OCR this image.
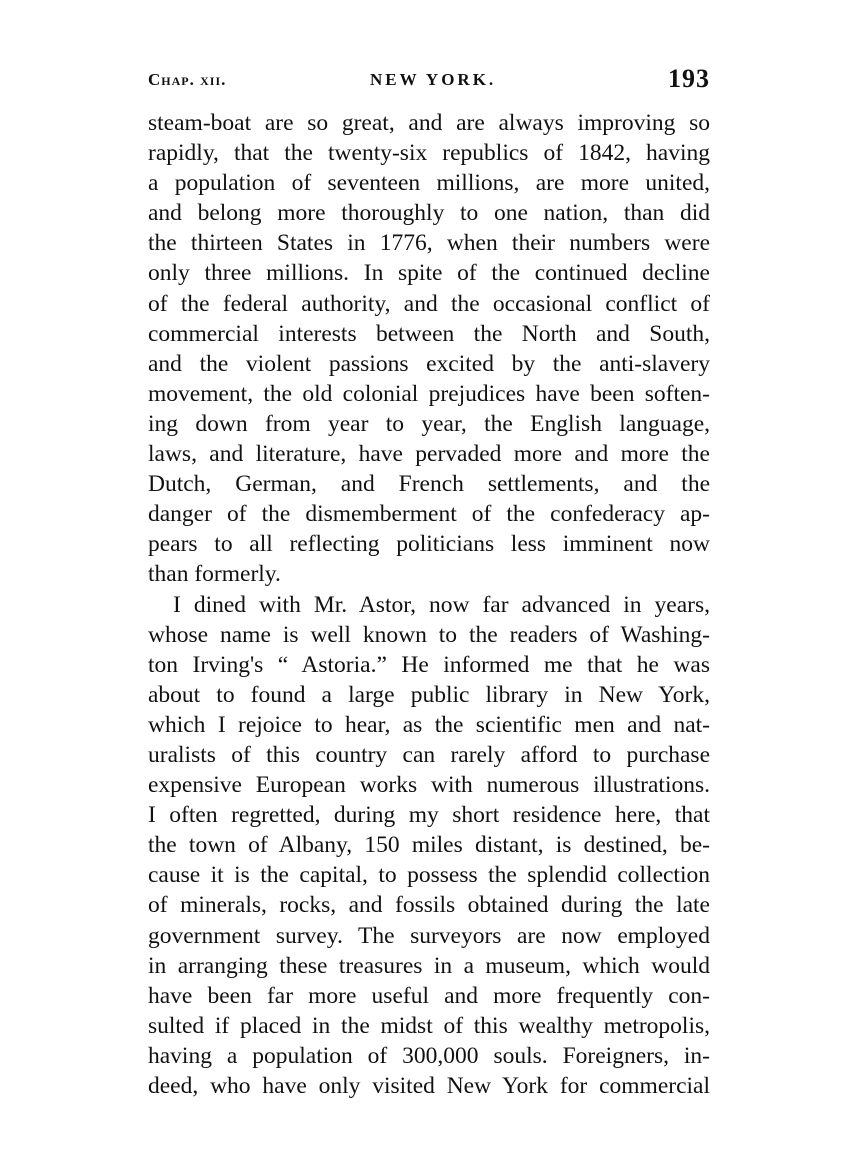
Chap. xii.	NEW YORK.	193
steam-boat are so great, and are always improving so
rapidly, that the twenty-six republics of 1842, having
a population of seventeen millions, are more united,
and belong more thoroughly to one nation, than did
the thirteen States in 1776, when their numbers were
only three millions. In spite of the continued decline
of the federal authority, and the occasional conflict of
commercial interests between the North and South,
and the violent passions excited by the anti-slavery
movement, the old colonial prejudices have been soften-
ing down from year to year, the English language,
laws, and literature, have pervaded more and more the
Dutch, German, and French settlements, and the
danger of the dismemberment of the confederacy ap-
pears to all reflecting politicians less imminent now
than formerly.
I dined with Mr. Astor, now far advanced in years,
whose name is well known to the readers of Washing-
ton Irving's “ Astoria.” He informed me that he was
about to found a large public library in New York,
which I rejoice to hear, as the scientific men and nat-
uralists of this country can rarely afford to purchase
expensive European works with numerous illustrations.
I often regretted, during my short residence here, that
the town of Albany, 150 miles distant, is destined, be-
cause it is the capital, to possess the splendid collection
of minerals, rocks, and fossils obtained during the late
government survey. The surveyors are now employed
in arranging these treasures in a museum, which would
have been far more useful and more frequently con-
sulted if placed in the midst of this wealthy metropolis,
having a population of 300,000 souls. Foreigners, in-
deed, who have only visited New York for commercial
